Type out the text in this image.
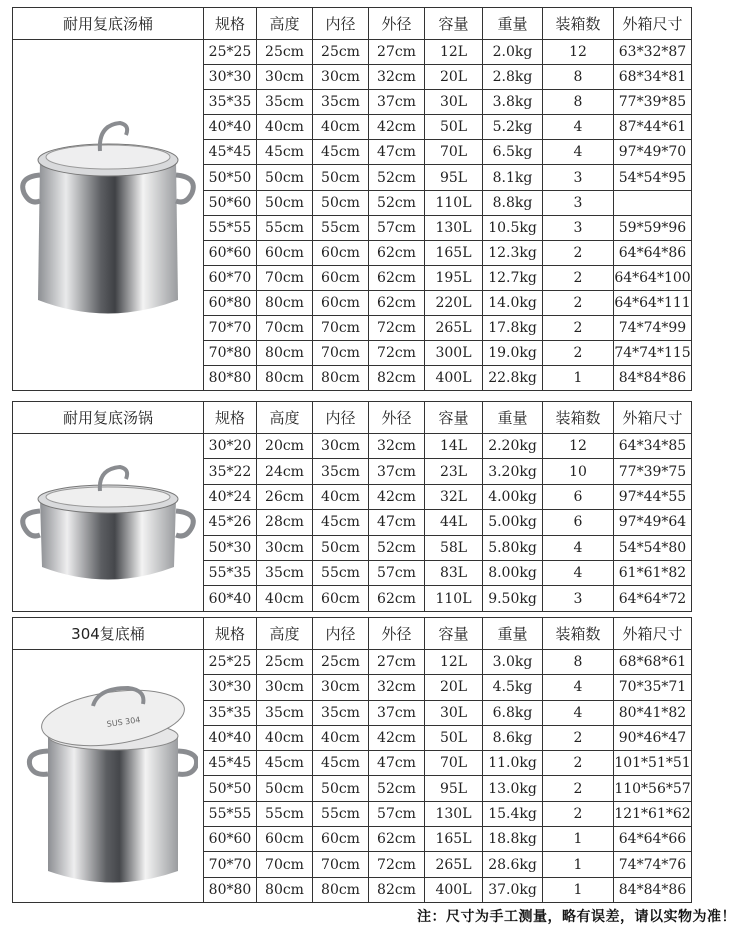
耐用复底汤桶	规格	高度	内径	外径	容量	重量	装箱数	外箱尺寸

	25*25	25cm	25cm	27cm	12L	2.0kg	12	63*32*87
	30*30	30cm	30cm	32cm	20L	2.8kg	8	68*34*81
	35*35	35cm	35cm	37cm	30L	3.8kg	8	77*39*85
	40*40	40cm	40cm	42cm	50L	5.2kg	4	87*44*61
	45*45	45cm	45cm	47cm	70L	6.5kg	4	97*49*70
	50*50	50cm	50cm	52cm	95L	8.1kg	3	54*54*95
	50*60	50cm	50cm	52cm	110L	8.8kg	3	
	55*55	55cm	55cm	57cm	130L	10.5kg	3	59*59*96
	60*60	60cm	60cm	62cm	165L	12.3kg	2	64*64*86
	60*70	70cm	60cm	62cm	195L	12.7kg	2	64*64*100
	60*80	80cm	60cm	62cm	220L	14.0kg	2	64*64*111
	70*70	70cm	70cm	72cm	265L	17.8kg	2	74*74*99
	70*80	80cm	70cm	72cm	300L	19.0kg	2	74*74*115
	80*80	80cm	80cm	82cm	400L	22.8kg	1	84*84*86
耐用复底汤锅	规格	高度	内径	外径	容量	重量	装箱数	外箱尺寸

	30*20	20cm	30cm	32cm	14L	2.20kg	12	64*34*85
	35*22	24cm	35cm	37cm	23L	3.20kg	10	77*39*75
	40*24	26cm	40cm	42cm	32L	4.00kg	6	97*44*55
	45*26	28cm	45cm	47cm	44L	5.00kg	6	97*49*64
	50*30	30cm	50cm	52cm	58L	5.80kg	4	54*54*80
	55*35	35cm	55cm	57cm	83L	8.00kg	4	61*61*82
	60*40	40cm	60cm	62cm	110L	9.50kg	3	64*64*72
304复底桶	规格	高度	内径	外径	容量	重量	装箱数	外箱尺寸

SUS 304	25*25	25cm	25cm	27cm	12L	3.0kg	8	68*68*61
	30*30	30cm	30cm	32cm	20L	4.5kg	4	70*35*71
	35*35	35cm	35cm	37cm	30L	6.8kg	4	80*41*82
	40*40	40cm	40cm	42cm	50L	8.6kg	2	90*46*47
	45*45	45cm	45cm	47cm	70L	11.0kg	2	101*51*51
	50*50	50cm	50cm	52cm	95L	13.0kg	2	110*56*57
	55*55	55cm	55cm	57cm	130L	15.4kg	2	121*61*62
	60*60	60cm	60cm	62cm	165L	18.8kg	1	64*64*66
	70*70	70cm	70cm	72cm	265L	28.6kg	1	74*74*76
	80*80	80cm	80cm	82cm	400L	37.0kg	1	84*84*86
注：尺寸为手工测量，略有误差，请以实物为准！
